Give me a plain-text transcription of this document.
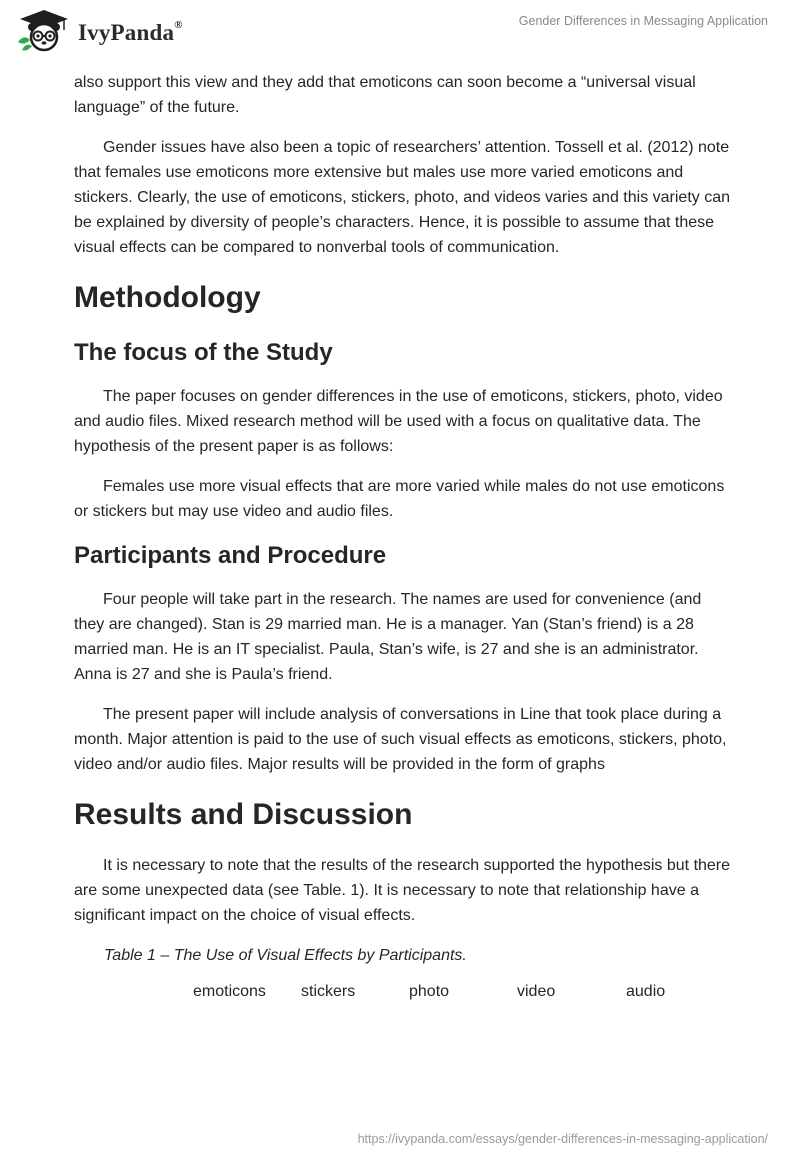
IvyPanda®	Gender Differences in Messaging Application

also support this view and they add that emoticons can soon become a “universal visual language” of the future.

Gender issues have also been a topic of researchers’ attention. Tossell et al. (2012) note that females use emoticons more extensive but males use more varied emoticons and stickers. Clearly, the use of emoticons, stickers, photo, and videos varies and this variety can be explained by diversity of people’s characters. Hence, it is possible to assume that these visual effects can be compared to nonverbal tools of communication.

Methodology
The focus of the Study

The paper focuses on gender differences in the use of emoticons, stickers, photo, video and audio files. Mixed research method will be used with a focus on qualitative data. The hypothesis of the present paper is as follows:

Females use more visual effects that are more varied while males do not use emoticons or stickers but may use video and audio files.

Participants and Procedure

Four people will take part in the research. The names are used for convenience (and they are changed). Stan is 29 married man. He is a manager. Yan (Stan’s friend) is a 28 married man. He is an IT specialist. Paula, Stan’s wife, is 27 and she is an administrator. Anna is 27 and she is Paula’s friend.

The present paper will include analysis of conversations in Line that took place during a month. Major attention is paid to the use of such visual effects as emoticons, stickers, photo, video and/or audio files. Major results will be provided in the form of graphs

Results and Discussion

It is necessary to note that the results of the research supported the hypothesis but there are some unexpected data (see Table. 1). It is necessary to note that relationship have a significant impact on the choice of visual effects.

Table 1 – The Use of Visual Effects by Participants.
emoticons stickers	photo	video	audio
https://ivypanda.com/essays/gender-differences-in-messaging-application/
